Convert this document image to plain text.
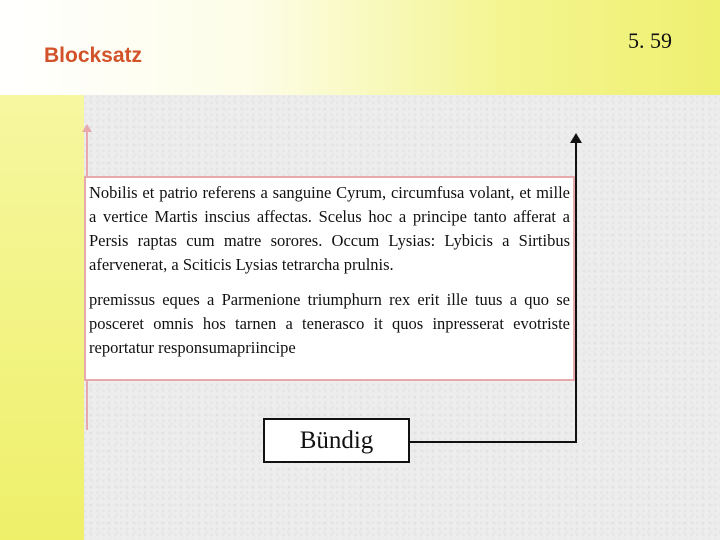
Blocksatz
5. 59

Nobilis et patrio referens a sanguine Cyrum, circumfusa volant, et mille a vertice Martis inscius affectas. Scelus hoc a principe tanto afferat a Persis raptas cum matre sorores. Occum Lysias: Lybicis a Sirtibus afervenerat, a Sciticis Lysias tetrarcha prulnis.

premissus eques a Parmenione triumphurn rex erit ille tuus a quo se posceret omnis hos tarnen a tenerasco it quos inpresserat evotriste reportatur responsumapriincipe

Bündig
